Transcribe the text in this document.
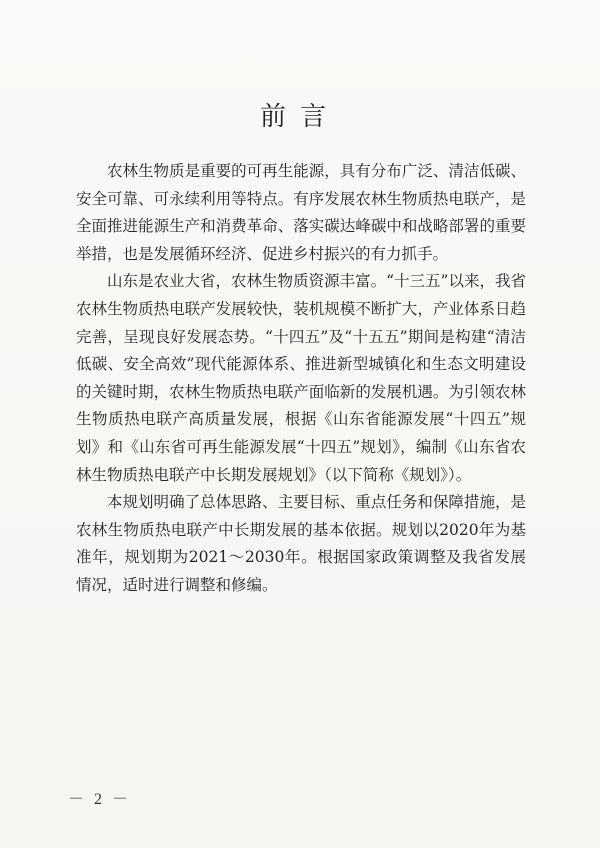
前言

农林生物质是重要的可再生能源，具有分布广泛、清洁低碳、安全可靠、可永续利用等特点。有序发展农林生物质热电联产，是全面推进能源生产和消费革命、落实碳达峰碳中和战略部署的重要举措，也是发展循环经济、促进乡村振兴的有力抓手。

山东是农业大省，农林生物质资源丰富。“十三五”以来，我省农林生物质热电联产发展较快，装机规模不断扩大，产业体系日趋完善，呈现良好发展态势。“十四五”及“十五五”期间是构建“清洁低碳、安全高效”现代能源体系、推进新型城镇化和生态文明建设的关键时期，农林生物质热电联产面临新的发展机遇。为引领农林生物质热电联产高质量发展，根据《山东省能源发展“十四五”规划》和《山东省可再生能源发展“十四五”规划》，编制《山东省农林生物质热电联产中长期发展规划》（以下简称《规划》）。

本规划明确了总体思路、主要目标、重点任务和保障措施，是农林生物质热电联产中长期发展的基本依据。规划以2020年为基准年，规划期为2021～2030年。根据国家政策调整及我省发展情况，适时进行调整和修编。

－ 2 －
